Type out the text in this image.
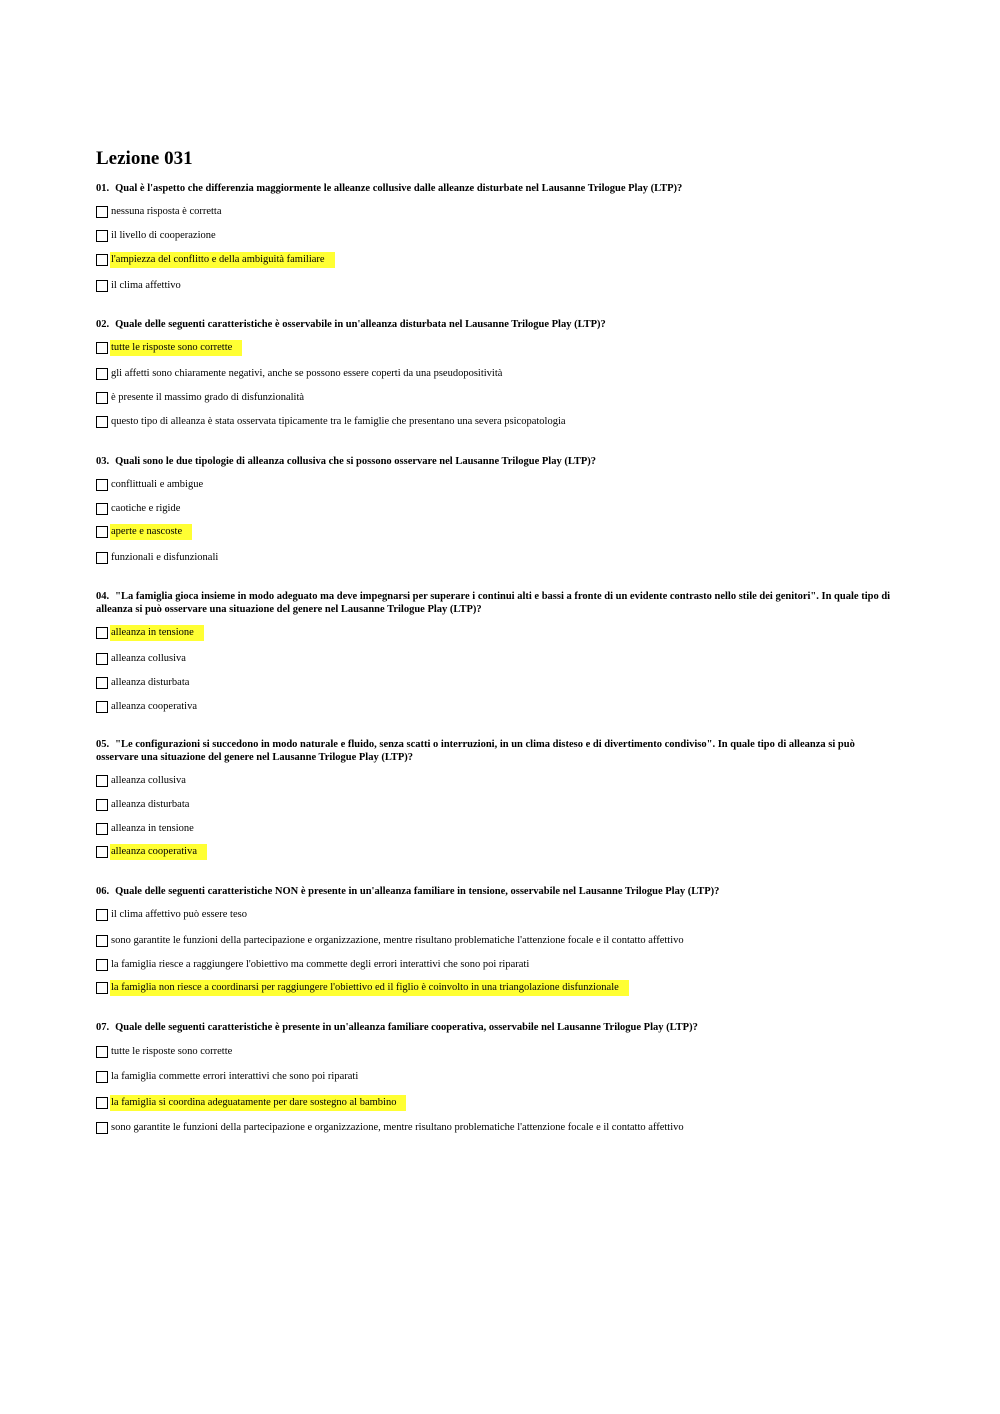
Lezione 031
01. Qual è l'aspetto che differenzia maggiormente le alleanze collusive dalle alleanze disturbate nel Lausanne Trilogue Play (LTP)?
nessuna risposta è corretta
il livello di cooperazione
l'ampiezza del conflitto e della ambiguità familiare
il clima affettivo
02. Quale delle seguenti caratteristiche è osservabile in un'alleanza disturbata nel Lausanne Trilogue Play (LTP)?
tutte le risposte sono corrette
gli affetti sono chiaramente negativi, anche se possono essere coperti da una pseudopositività
è presente il massimo grado di disfunzionalità
questo tipo di alleanza è stata osservata tipicamente tra le famiglie che presentano una severa psicopatologia
03. Quali sono le due tipologie di alleanza collusiva che si possono osservare nel Lausanne Trilogue Play (LTP)?
conflittuali e ambigue
caotiche e rigide
aperte e nascoste
funzionali e disfunzionali
04. "La famiglia gioca insieme in modo adeguato ma deve impegnarsi per superare i continui alti e bassi a fronte di un evidente contrasto nello stile dei genitori". In quale tipo di alleanza si può osservare una situazione del genere nel Lausanne Trilogue Play (LTP)?
alleanza in tensione
alleanza collusiva
alleanza disturbata
alleanza cooperativa
05. "Le configurazioni si succedono in modo naturale e fluido, senza scatti o interruzioni, in un clima disteso e di divertimento condiviso". In quale tipo di alleanza si può osservare una situazione del genere nel Lausanne Trilogue Play (LTP)?
alleanza collusiva
alleanza disturbata
alleanza in tensione
alleanza cooperativa
06. Quale delle seguenti caratteristiche NON è presente in un'alleanza familiare in tensione, osservabile nel Lausanne Trilogue Play (LTP)?
il clima affettivo può essere teso
sono garantite le funzioni della partecipazione e organizzazione, mentre risultano problematiche l'attenzione focale e il contatto affettivo
la famiglia riesce a raggiungere l'obiettivo ma commette degli errori interattivi che sono poi riparati
la famiglia non riesce a coordinarsi per raggiungere l'obiettivo ed il figlio è coinvolto in una triangolazione disfunzionale
07. Quale delle seguenti caratteristiche è presente in un'alleanza familiare cooperativa, osservabile nel Lausanne Trilogue Play (LTP)?
tutte le risposte sono corrette
la famiglia commette errori interattivi che sono poi riparati
la famiglia si coordina adeguatamente per dare sostegno al bambino
sono garantite le funzioni della partecipazione e organizzazione, mentre risultano problematiche l'attenzione focale e il contatto affettivo
